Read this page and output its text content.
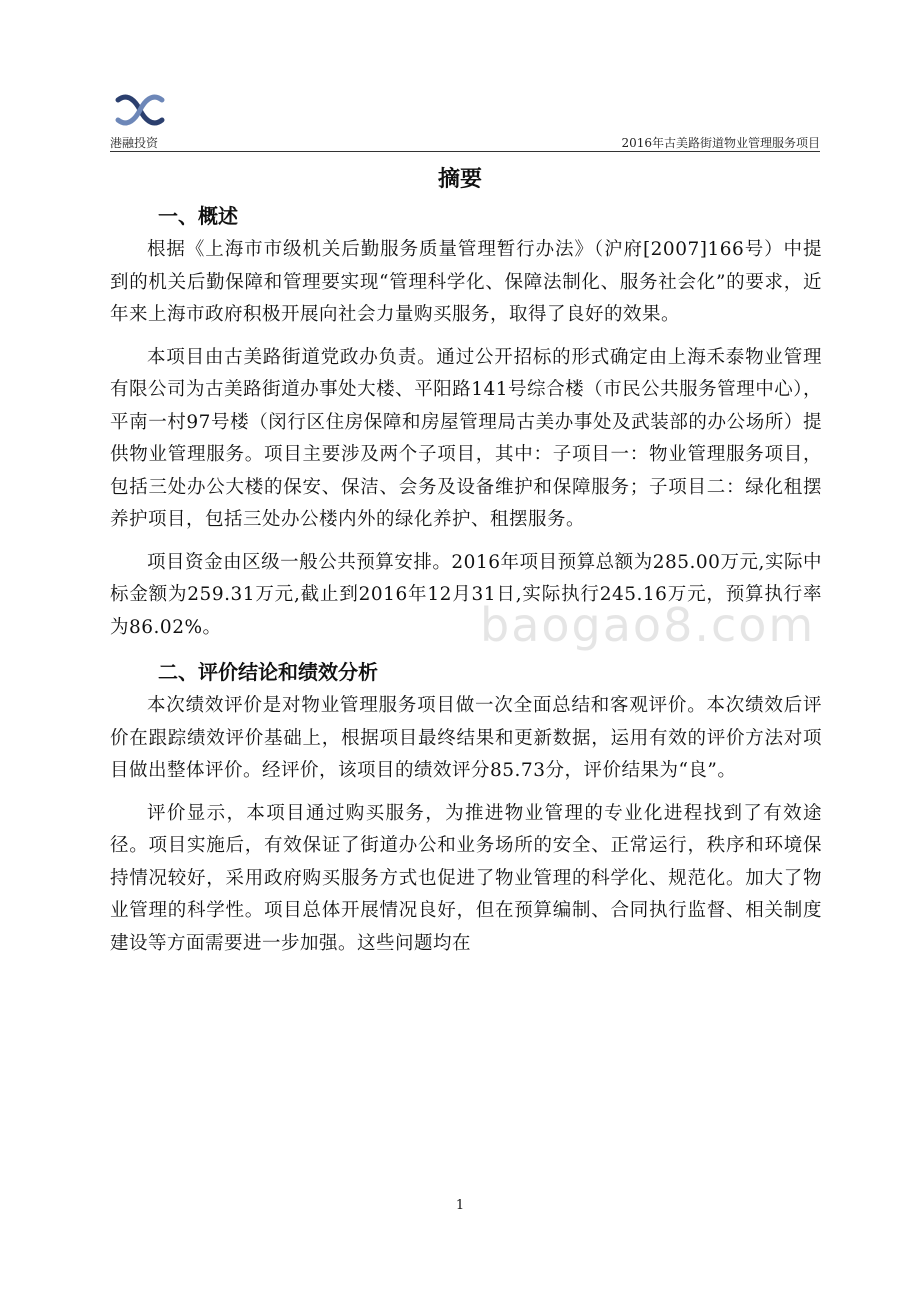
港融投资	2016年古美路街道物业管理服务项目
摘要
一、概述

根据《上海市市级机关后勤服务质量管理暂行办法》（沪府[2007]166号）中提到的机关后勤保障和管理要实现“管理科学化、保障法制化、服务社会化”的要求，近年来上海市政府积极开展向社会力量购买服务，取得了良好的效果。

本项目由古美路街道党政办负责。通过公开招标的形式确定由上海禾泰物业管理有限公司为古美路街道办事处大楼、平阳路141号综合楼（市民公共服务管理中心），平南一村97号楼（闵行区住房保障和房屋管理局古美办事处及武装部的办公场所）提供物业管理服务。项目主要涉及两个子项目，其中：子项目一：物业管理服务项目，包括三处办公大楼的保安、保洁、会务及设备维护和保障服务；子项目二：绿化租摆养护项目，包括三处办公楼内外的绿化养护、租摆服务。

项目资金由区级一般公共预算安排。2016年项目预算总额为285.00万元,实际中标金额为259.31万元,截止到2016年12月31日,实际执行245.16万元，预算执行率为86.02%。

二、评价结论和绩效分析

本次绩效评价是对物业管理服务项目做一次全面总结和客观评价。本次绩效后评价在跟踪绩效评价基础上，根据项目最终结果和更新数据，运用有效的评价方法对项目做出整体评价。经评价，该项目的绩效评分85.73分，评价结果为“良”。

评价显示，本项目通过购买服务，为推进物业管理的专业化进程找到了有效途径。项目实施后，有效保证了街道办公和业务场所的安全、正常运行，秩序和环境保持情况较好，采用政府购买服务方式也促进了物业管理的科学化、规范化。加大了物业管理的科学性。项目总体开展情况良好，但在预算编制、合同执行监督、相关制度建设等方面需要进一步加强。这些问题均在

baogao8.com
1
